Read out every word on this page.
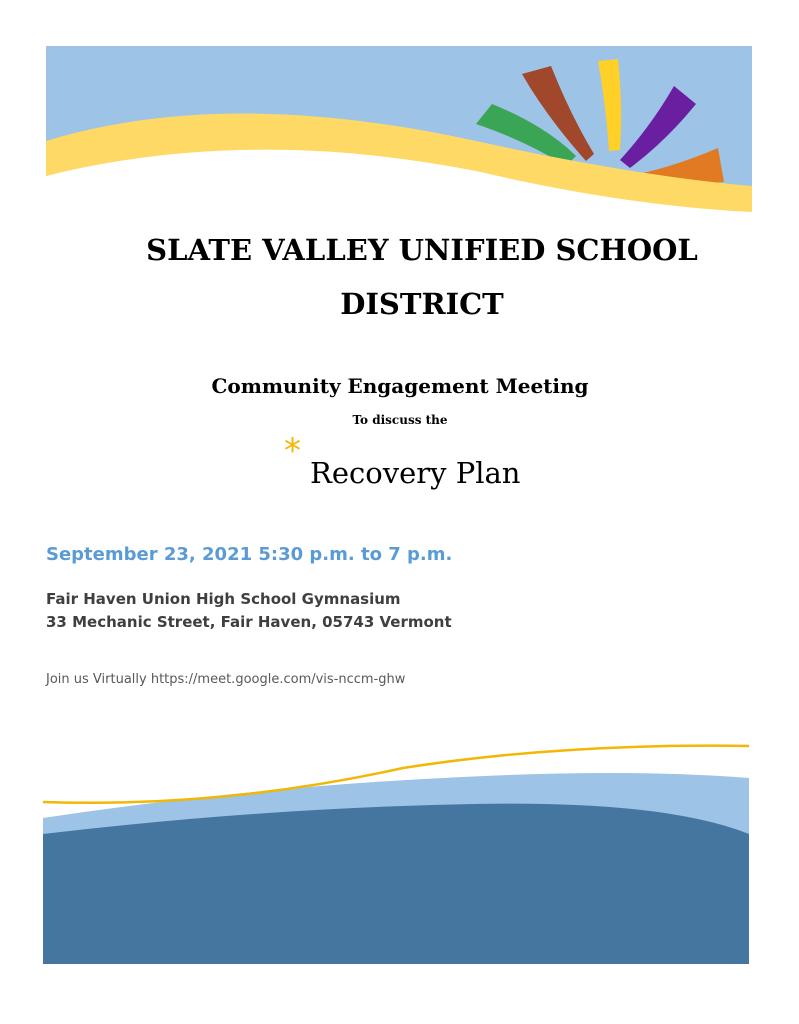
SLATE VALLEY UNIFIED SCHOOL
DISTRICT

Community Engagement Meeting

To discuss the

*

Recovery Plan

September 23, 2021 5:30 p.m. to 7 p.m.

Fair Haven Union High School Gymnasium
33 Mechanic Street, Fair Haven, 05743 Vermont

Join us Virtually https://meet.google.com/vis-nccm-ghw
